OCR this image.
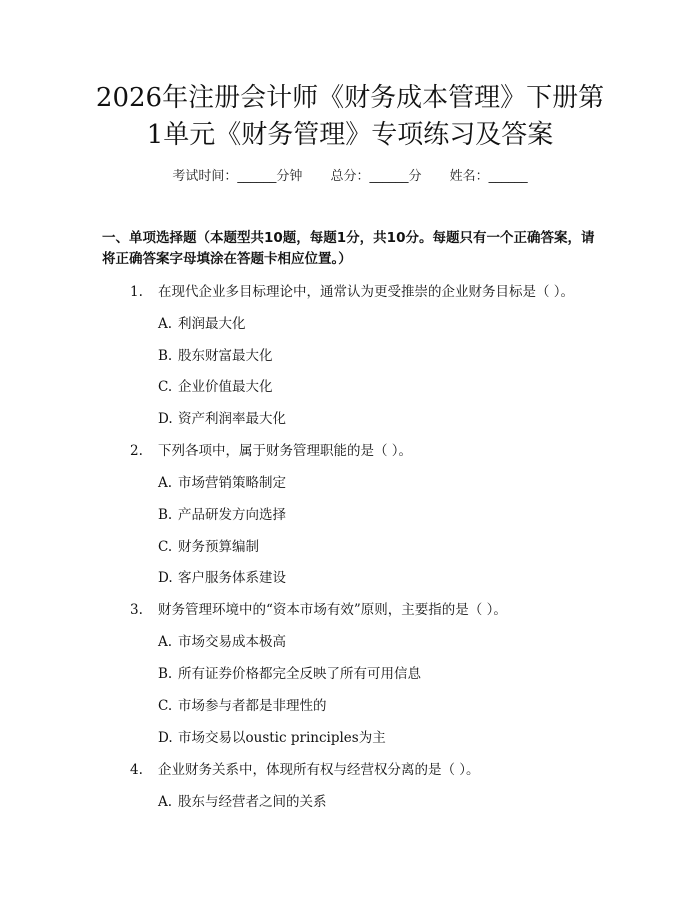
2026年注册会计师《财务成本管理》下册第
1单元《财务管理》专项练习及答案
考试时间：______分钟 总分：______分 姓名：______

一、单项选择题（本题型共10题，每题1分，共10分。每题只有一个正确答案，请将正确答案字母填涂在答题卡相应位置。）

1. 在现代企业多目标理论中，通常认为更受推崇的企业财务目标是（ ）。
A. 利润最大化
B. 股东财富最大化
C. 企业价值最大化
D. 资产利润率最大化
2. 下列各项中，属于财务管理职能的是（ ）。
A. 市场营销策略制定
B. 产品研发方向选择
C. 财务预算编制
D. 客户服务体系建设
3. 财务管理环境中的“资本市场有效”原则，主要指的是（ ）。
A. 市场交易成本极高
B. 所有证券价格都完全反映了所有可用信息
C. 市场参与者都是非理性的
D. 市场交易以oustic principles为主
4. 企业财务关系中，体现所有权与经营权分离的是（ ）。
A. 股东与经营者之间的关系
